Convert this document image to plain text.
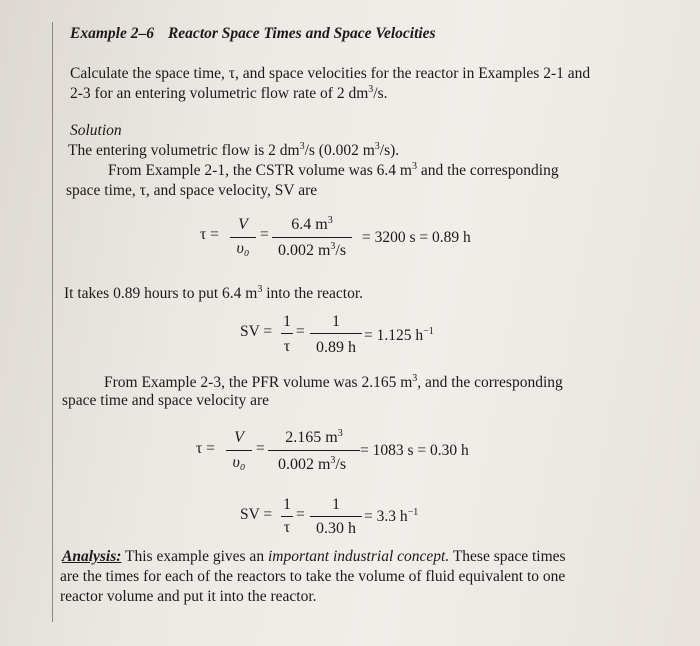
Example 2–6 Reactor Space Times and Space Velocities

Calculate the space time, τ, and space velocities for the reactor in Examples 2-1 and

2-3 for an entering volumetric flow rate of 2 $dm^3/s$.

Solution

The entering volumetric flow is 2 $dm^3/s$ (0.002 $m^3/s$).

From Example 2-1, the CSTR volume was 6.4 $m^3$ and the corresponding

space time, τ, and space velocity, SV are

τ =
V
υ₀
=
6.4 $m^3$
0.002 $m^3/s$
= 3200 s = 0.89 h

It takes 0.89 hours to put 6.4 $m^3$ into the reactor.

SV =
1
τ
=
1
0.89 h
= 1.125 $h^{-1}$

From Example 2-3, the PFR volume was 2.165 $m^3$, and the corresponding

space time and space velocity are

τ =
V
υ₀
=
2.165 $m^3$
0.002 $m^3/s$
= 1083 s = 0.30 h
SV =
1
τ
=
1
0.30 h
= 3.3 $h^{-1}$

Analysis: This example gives an important industrial concept. These space times

are the times for each of the reactors to take the volume of fluid equivalent to one

reactor volume and put it into the reactor.
